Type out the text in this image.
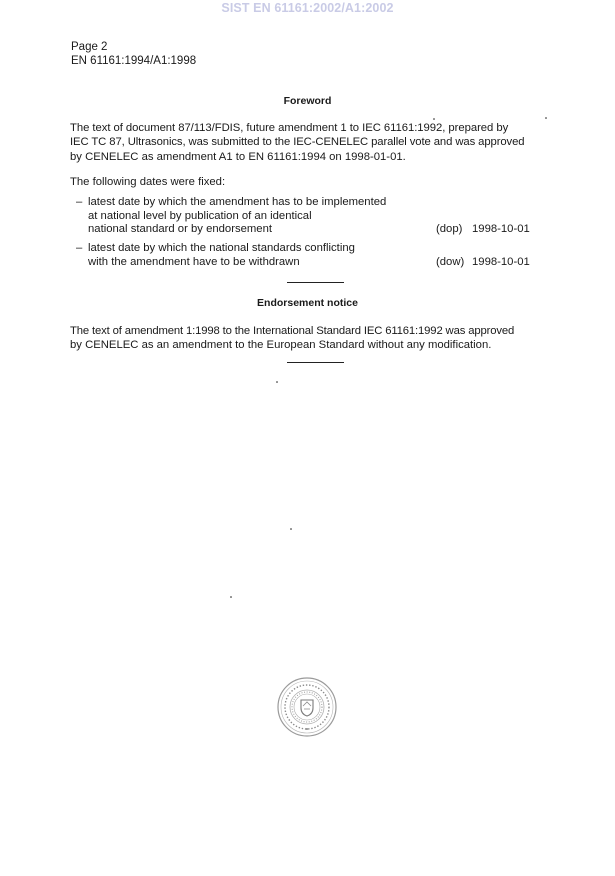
SIST EN 61161:2002/A1:2002
Page 2
EN 61161:1994/A1:1998
Foreword
The text of document 87/113/FDIS, future amendment 1 to IEC 61161:1992, prepared by
IEC TC 87, Ultrasonics, was submitted to the IEC-CENELEC parallel vote and was approved
by CENELEC as amendment A1 to EN 61161:1994 on 1998-01-01.
The following dates were fixed:
– latest date by which the amendment has to be implemented
at national level by publication of an identical
national standard or by endorsement	(dop) 1998-10-01
– latest date by which the national standards conflicting
with the amendment have to be withdrawn	(dow) 1998-10-01
Endorsement notice
The text of amendment 1:1998 to the International Standard IEC 61161:1992 was approved
by CENELEC as an amendment to the European Standard without any modification.
